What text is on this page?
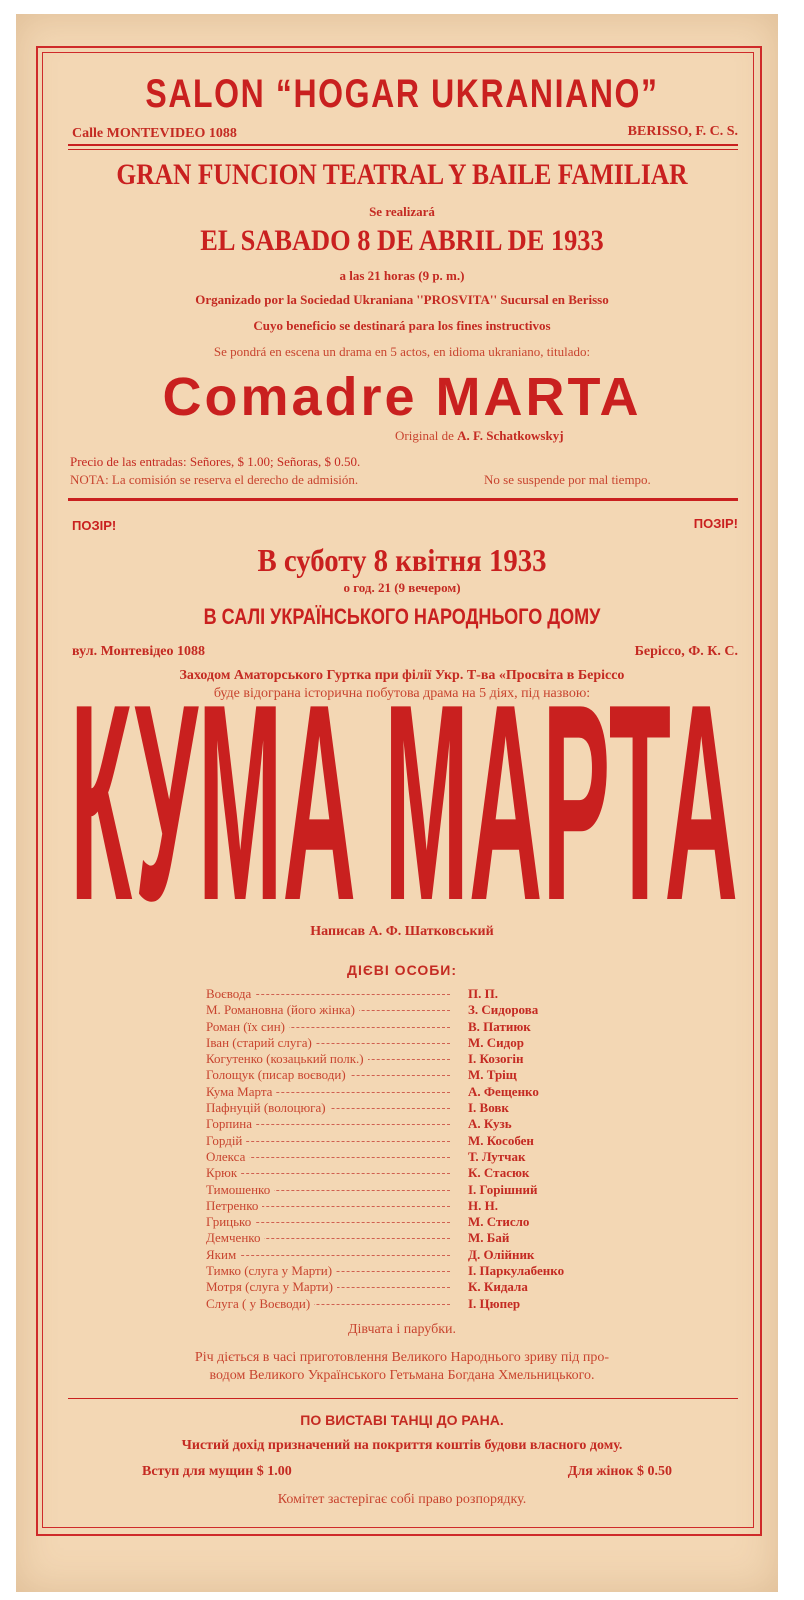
SALON “HOGAR UKRANIANO”
Calle MONTEVIDEO 1088	BERISSO, F. C. S.
GRAN FUNCION TEATRAL Y BAILE FAMILIAR
Se realizará
EL SABADO 8 DE ABRIL DE 1933
a las 21 horas (9 p. m.)
Organizado por la Sociedad Ukraniana ''PROSVITA'' Sucursal en Berisso
Cuyo beneficio se destinará para los fines instructivos
Se pondrá en escena un drama en 5 actos, en idioma ukraniano, titulado:
Comadre MARTA
Original de A. F. Schatkowskyj
Precio de las entradas: Señores, $ 1.00; Señoras, $ 0.50.
NOTA: La comisión se reserva el derecho de admisión.	No se suspende por mal tiempo.
ПОЗІР!	ПОЗІР!
В суботу 8 квітня 1933
о год. 21 (9 вечером)
В САЛІ УКРАЇНСЬКОГО НАРОДНЬОГО ДОМУ
вул. Монтевідео 1088	Берiссо, Ф. К. С.
Заходом Аматорського Гуртка при філії Укр. Т-ва «Просвіта в Берiссо
буде відограна історична побутова драма на 5 діях, під назвою:
КУМА МАРТА
Написав А. Ф. Шатковський
ДІЄВІ ОСОБИ:
Воєвода	П. П.
М. Романовна (його жінка)	З. Сидорова
Роман (їх син)	В. Патиюк
Іван (старий слуга)	М. Сидор
Когутенко (козацький полк.)	І. Козогін
Голощук (писар воєводи)	М. Тріщ
Кума Марта	А. Фещенко
Пафнуцій (волоцюга)	І. Вовк
Горпина	А. Кузь
Гордій	М. Кособен
Олекса	Т. Лутчак
Крюк	К. Стасюк
Тимошенко	І. Горішний
Петренко	Н. Н.
Грицько	М. Стисло
Демченко	М. Бай
Яким	Д. Олійник
Тимко (слуга у Марти)	І. Паркулабенко
Мотря (слуга у Марти)	К. Кидала
Слуга ( у Воєводи)	І. Цюпер
Дівчата і парубки.
Річ діється в часі приготовлення Великого Народнього зриву під про-
водом Великого Українського Гетьмана Богдана Хмельницького.
ПО ВИСТАВІ ТАНЦІ ДО РАНА.
Чистий дохід призначений на покриття коштів будови власного дому.
Вступ для мущин $ 1.00	Для жінок $ 0.50
Комітет застерігає собі право розпорядку.
